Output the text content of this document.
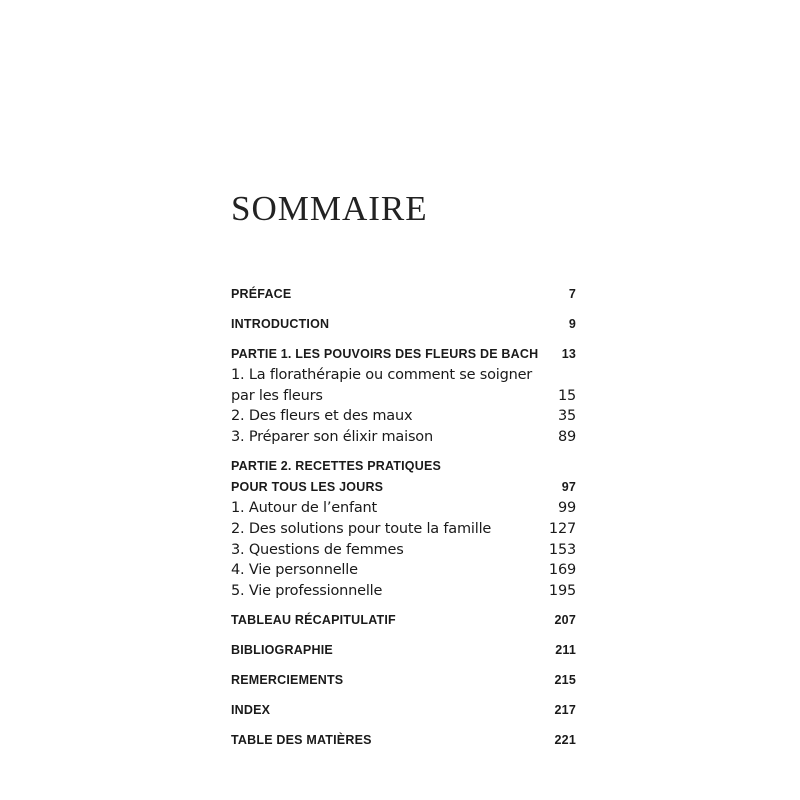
SOMMAIRE
PRÉFACE	7
INTRODUCTION	9
PARTIE 1. LES POUVOIRS DES FLEURS DE BACH 13
1. La florathérapie ou comment se soigner
par les fleurs	15
2. Des fleurs et des maux	35
3. Préparer son élixir maison	89
PARTIE 2. RECETTES PRATIQUES
POUR TOUS LES JOURS	97
1. Autour de l’enfant	99
2. Des solutions pour toute la famille	127
3. Questions de femmes	153
4. Vie personnelle	169
5. Vie professionnelle	195
TABLEAU RÉCAPITULATIF	207
BIBLIOGRAPHIE	211
REMERCIEMENTS	215
INDEX	217
TABLE DES MATIÈRES	221
